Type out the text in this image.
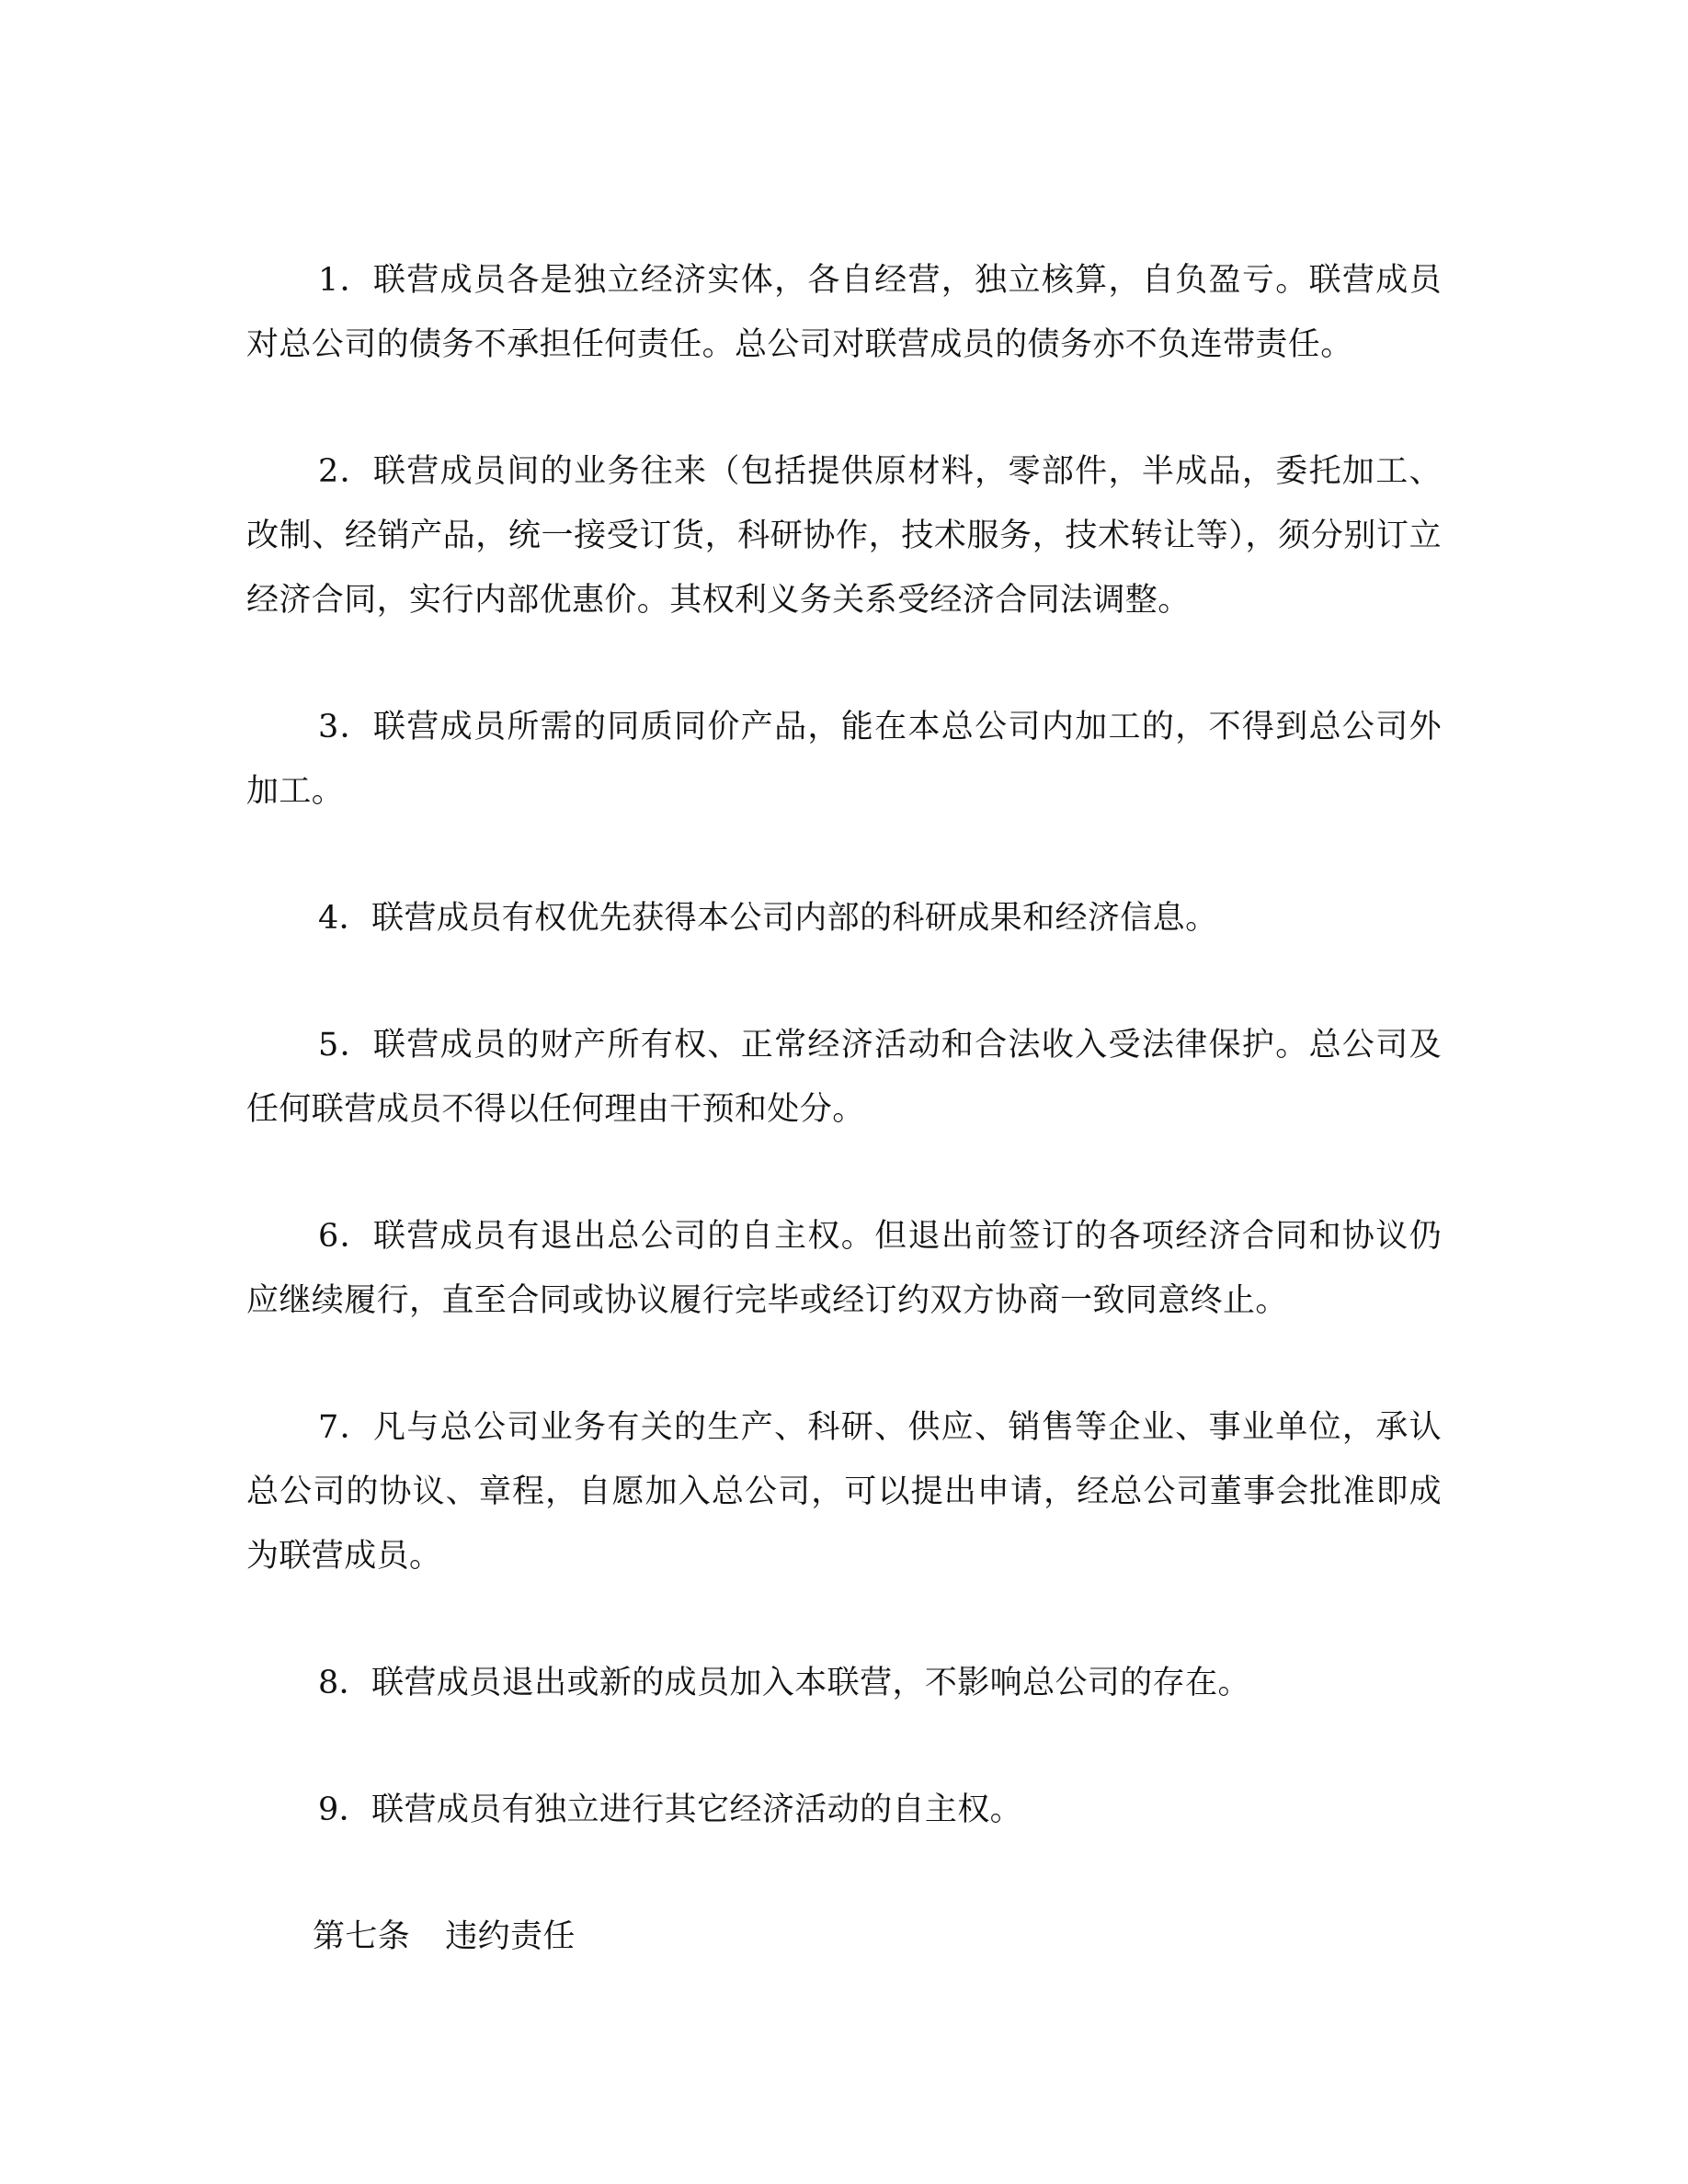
1．联营成员各是独立经济实体，各自经营，独立核算，自负盈亏。联营成员对总公司的债务不承担任何责任。总公司对联营成员的债务亦不负连带责任。

2．联营成员间的业务往来（包括提供原材料，零部件，半成品，委托加工、改制、经销产品，统一接受订货，科研协作，技术服务，技术转让等），须分别订立经济合同，实行内部优惠价。其权利义务关系受经济合同法调整。

3．联营成员所需的同质同价产品，能在本总公司内加工的，不得到总公司外加工。

4．联营成员有权优先获得本公司内部的科研成果和经济信息。

5．联营成员的财产所有权、正常经济活动和合法收入受法律保护。总公司及任何联营成员不得以任何理由干预和处分。

6．联营成员有退出总公司的自主权。但退出前签订的各项经济合同和协议仍应继续履行，直至合同或协议履行完毕或经订约双方协商一致同意终止。

7．凡与总公司业务有关的生产、科研、供应、销售等企业、事业单位，承认总公司的协议、章程，自愿加入总公司，可以提出申请，经总公司董事会批准即成为联营成员。

8．联营成员退出或新的成员加入本联营，不影响总公司的存在。

9．联营成员有独立进行其它经济活动的自主权。

第七条 违约责任
